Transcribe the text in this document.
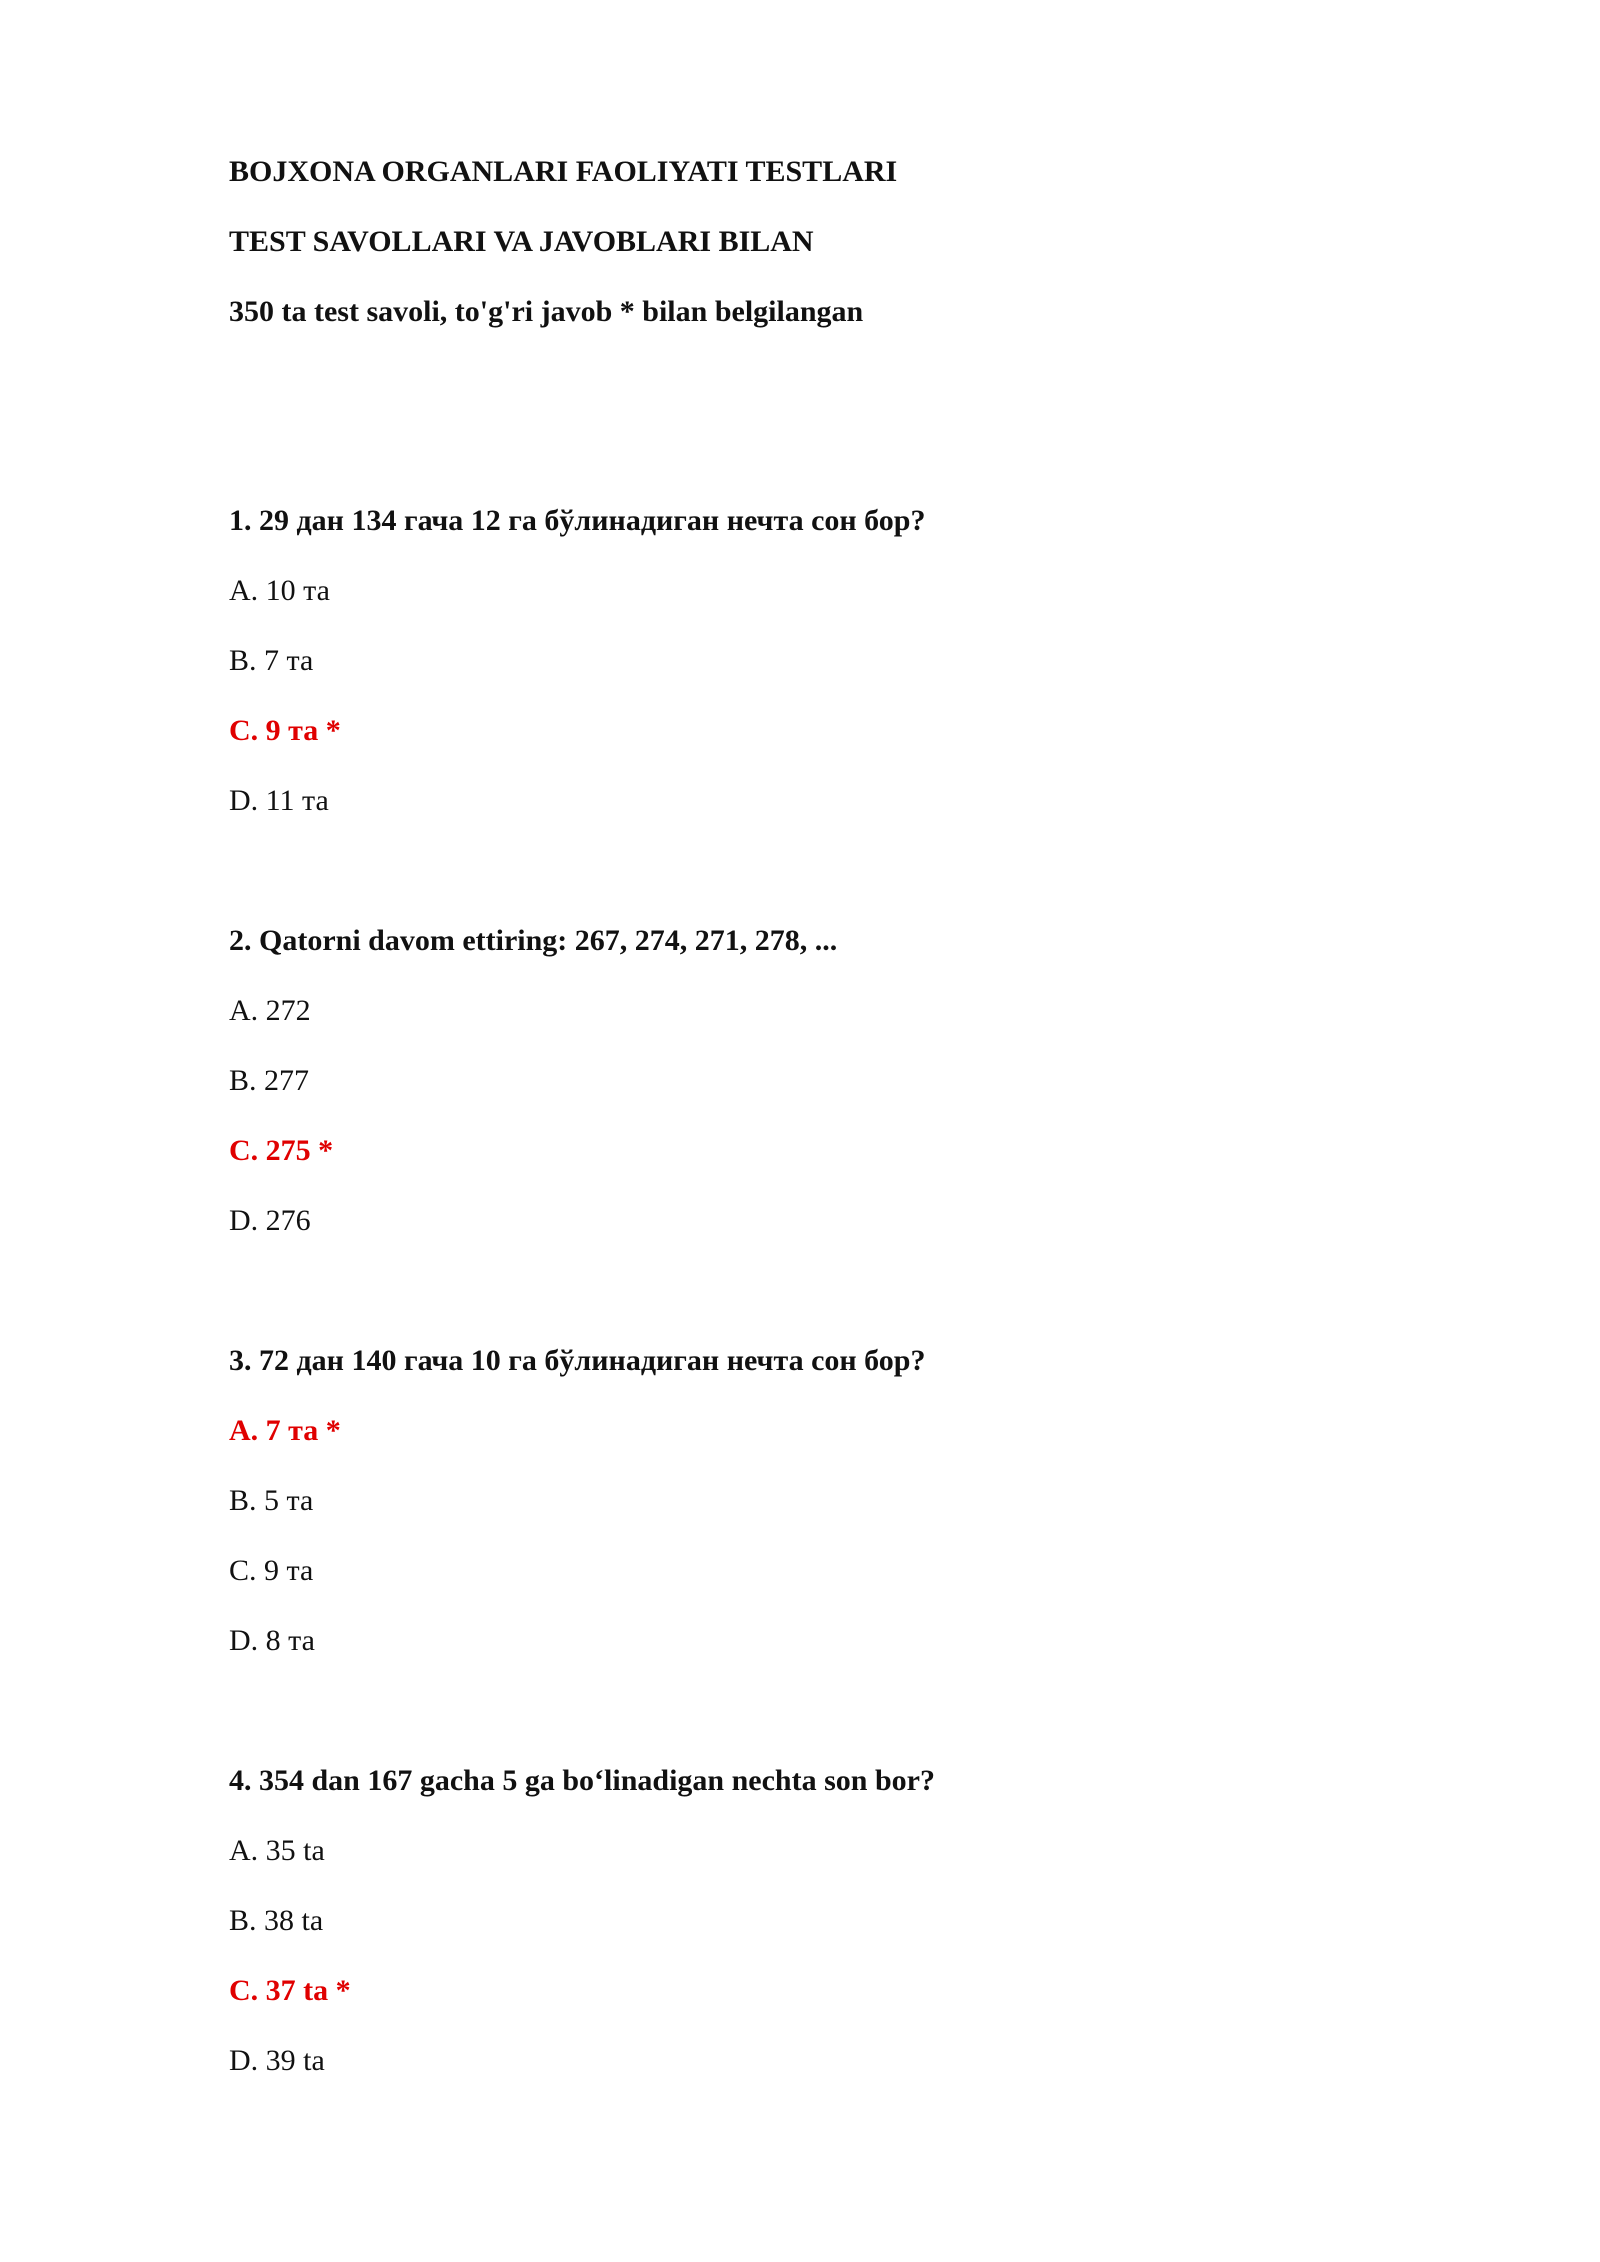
BOJXONA ORGANLARI FAOLIYATI TESTLARI
TEST SAVOLLARI VA JAVOBLARI BILAN
350 ta test savoli, to'g'ri javob * bilan belgilangan
1. 29 дан 134 гача 12 га бўлинадиган нечта сон бор?
A. 10 та
B. 7 та
C. 9 та *
D. 11 та
2. Qatorni davom ettiring: 267, 274, 271, 278, ...
A. 272
B. 277
C. 275 *
D. 276
3. 72 дан 140 гача 10 га бўлинадиган нечта сон бор?
A. 7 та *
B. 5 та
C. 9 та
D. 8 та
4. 354 dan 167 gacha 5 ga bo‘linadigan nechta son bor?
A. 35 ta
B. 38 ta
C. 37 ta *
D. 39 ta
